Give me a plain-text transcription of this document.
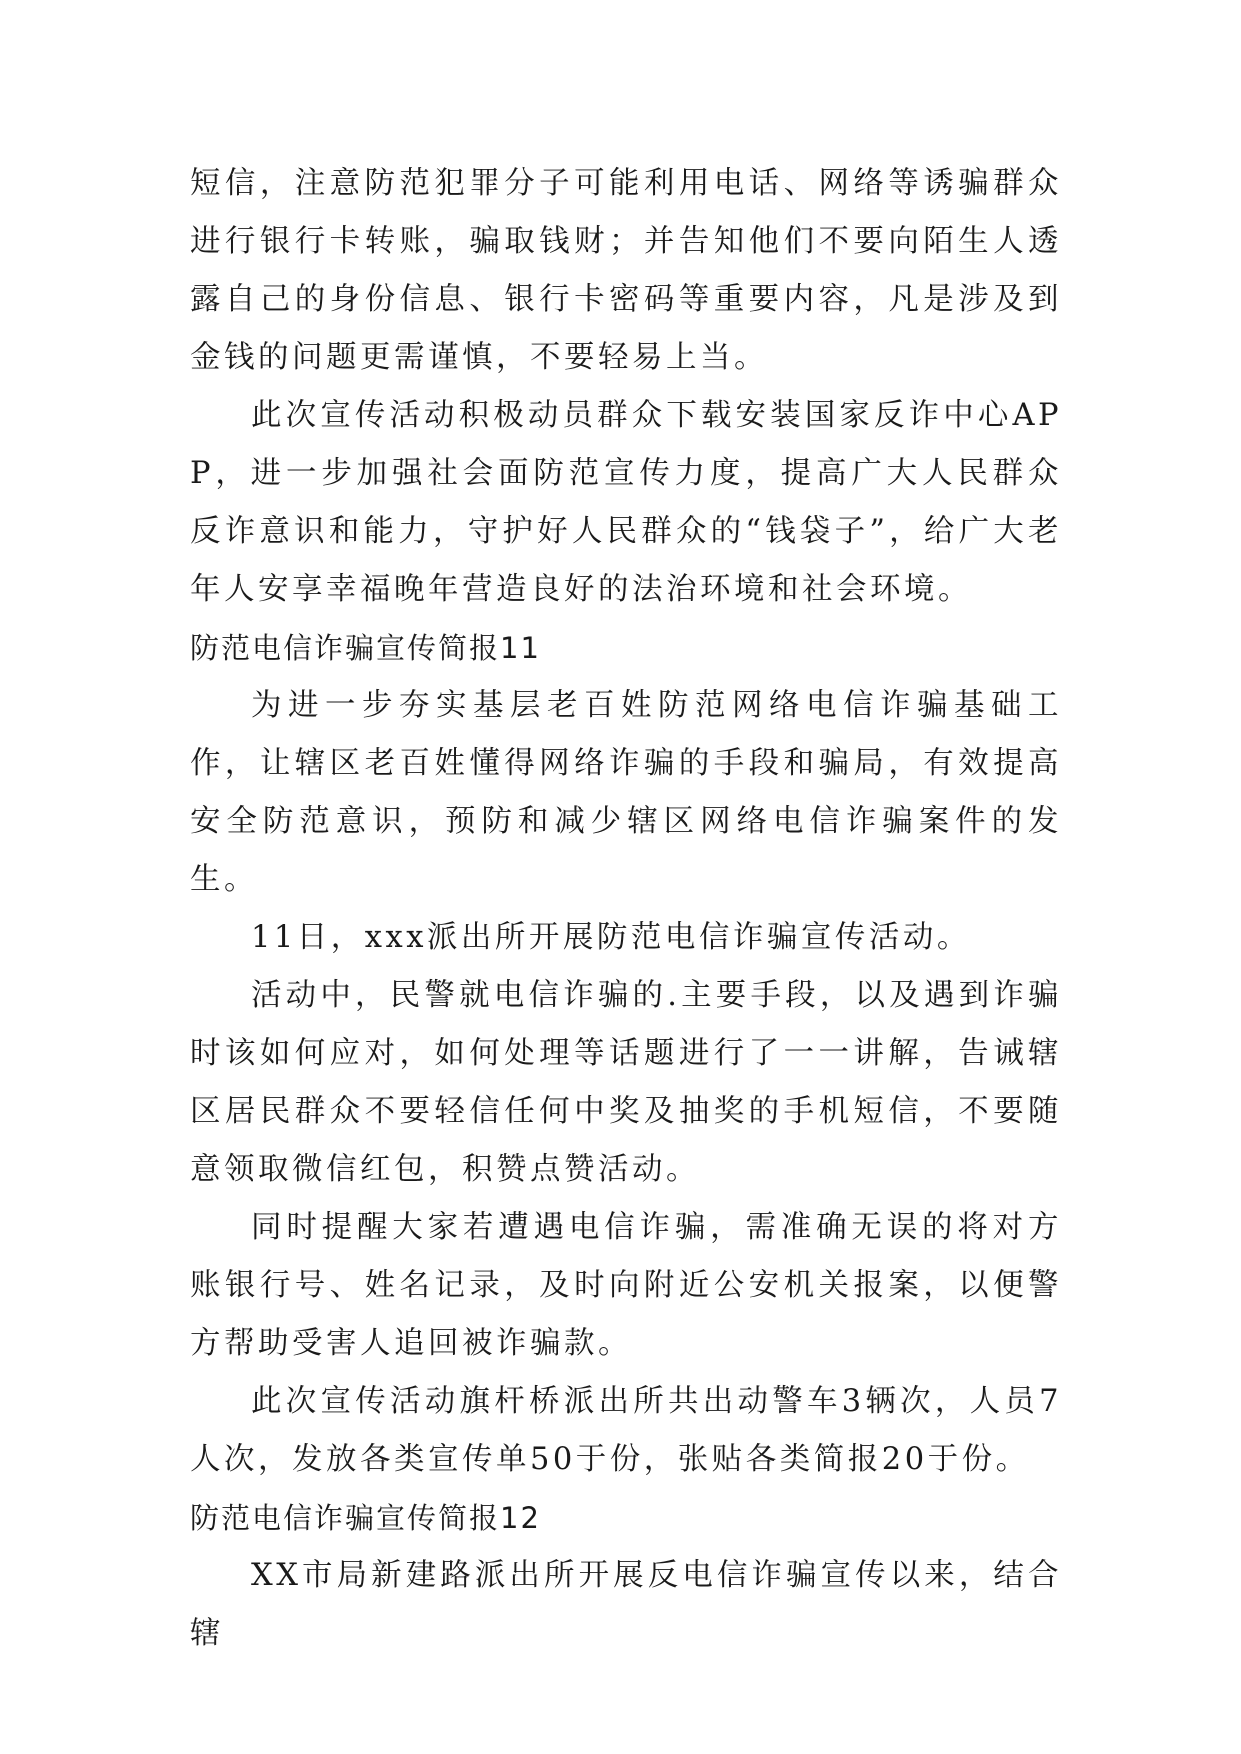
短信，注意防范犯罪分子可能利用电话、网络等诱骗群众进行银行卡转账，骗取钱财；并告知他们不要向陌生人透露自己的身份信息、银行卡密码等重要内容，凡是涉及到金钱的问题更需谨慎，不要轻易上当。

此次宣传活动积极动员群众下载安装国家反诈中心APP，进一步加强社会面防范宣传力度，提高广大人民群众反诈意识和能力，守护好人民群众的“钱袋子”，给广大老年人安享幸福晚年营造良好的法治环境和社会环境。

防范电信诈骗宣传简报11

为进一步夯实基层老百姓防范网络电信诈骗基础工作，让辖区老百姓懂得网络诈骗的手段和骗局，有效提高安全防范意识，预防和减少辖区网络电信诈骗案件的发生。

11日，xxx派出所开展防范电信诈骗宣传活动。

活动中，民警就电信诈骗的.主要手段，以及遇到诈骗时该如何应对，如何处理等话题进行了一一讲解，告诫辖区居民群众不要轻信任何中奖及抽奖的手机短信，不要随意领取微信红包，积赞点赞活动。

同时提醒大家若遭遇电信诈骗，需准确无误的将对方账银行号、姓名记录，及时向附近公安机关报案，以便警方帮助受害人追回被诈骗款。

此次宣传活动旗杆桥派出所共出动警车3辆次，人员7人次，发放各类宣传单50于份，张贴各类简报20于份。

防范电信诈骗宣传简报12

XX市局新建路派出所开展反电信诈骗宣传以来，结合辖
